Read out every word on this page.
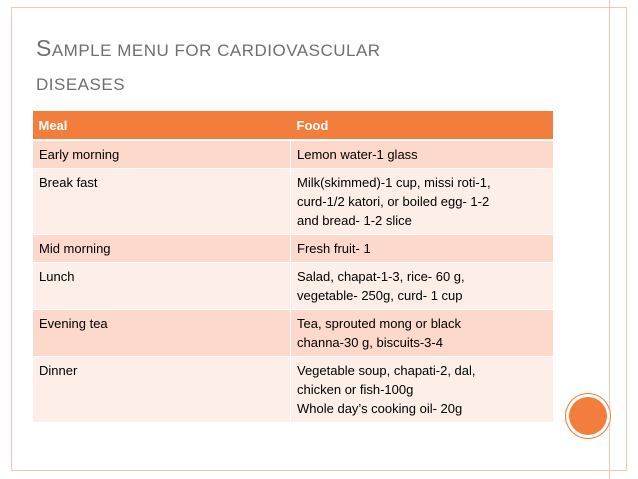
SAMPLE MENU FOR CARDIOVASCULAR
DISEASES
Meal	Food
Early morning	Lemon water-1 glass

Break fast	Milk(skimmed)-1 cup, missi roti-1,
curd-1/2 katori, or boiled egg- 1-2
and bread- 1-2 slice

Mid morning	Fresh fruit- 1

Lunch	Salad, chapat-1-3, rice- 60 g,
vegetable- 250g, curd- 1 cup

Evening tea	Tea, sprouted mong or black
channa-30 g, biscuits-3-4

Dinner	Vegetable soup, chapati-2, dal,
chicken or fish-100g
Whole day’s cooking oil- 20g
